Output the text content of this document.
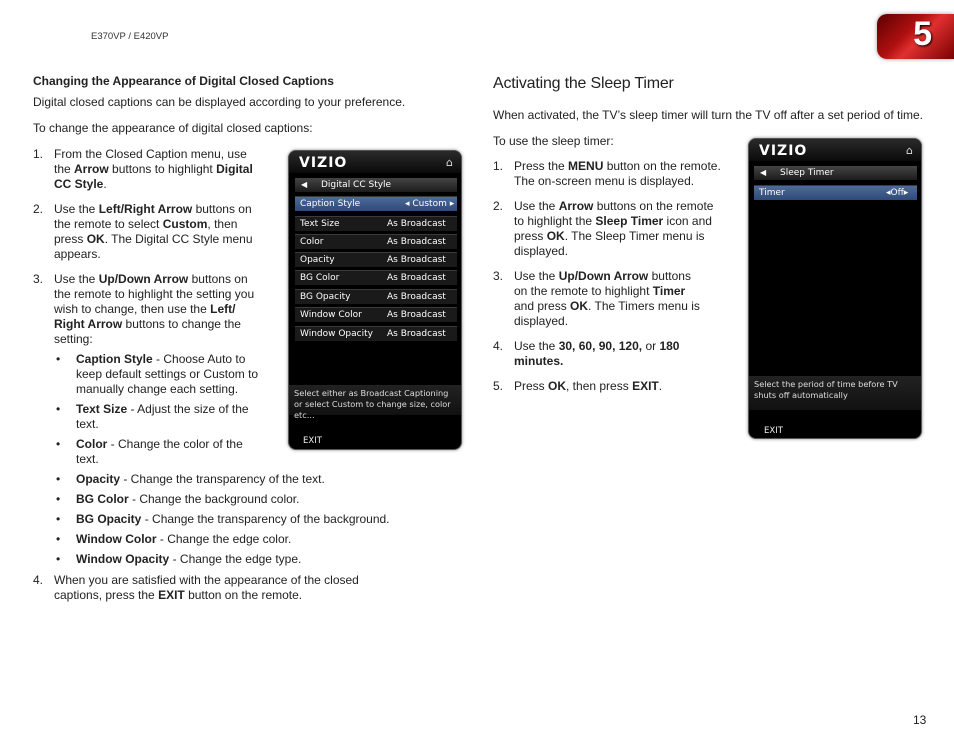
E370VP / E420VP	5
Changing the Appearance of Digital Closed Captions

Digital closed captions can be displayed according to your preference.

To change the appearance of digital closed captions:

1. From the Closed Caption menu, use the Arrow buttons to highlight Digital CC Style.
2. Use the Left/Right Arrow buttons on the remote to select Custom, then press OK. The Digital CC Style menu appears.
3. Use the Up/Down Arrow buttons on the remote to highlight the setting you wish to change, then use the Left/ Right Arrow buttons to change the setting:
• Caption Style - Choose Auto to keep default settings or Custom to manually change each setting.
• Text Size - Adjust the size of the text.
• Color - Change the color of the text.
• Opacity - Change the transparency of the text.
• BG Color - Change the background color.
• BG Opacity - Change the transparency of the background.
• Window Color - Change the edge color.
• Window Opacity - Change the edge type.
4. When you are satisfied with the appearance of the closed captions, press the EXIT button on the remote.
VIZIO	⌂
◀ Digital CC Style
Caption Style	◂ Custom ▸
Text Size	As Broadcast
Color	As Broadcast
Opacity	As Broadcast
BG Color	As Broadcast
BG Opacity	As Broadcast
Window Color	As Broadcast
Window Opacity As Broadcast
Select either as Broadcast Captioning or select Custom to change size, color etc...
EXIT
Activating the Sleep Timer

When activated, the TV’s sleep timer will turn the TV off after a set period of time.

To use the sleep timer:

1. Press the MENU button on the remote. The on-screen menu is displayed.
2. Use the Arrow buttons on the remote to highlight the Sleep Timer icon and press OK. The Sleep Timer menu is displayed.
3. Use the Up/Down Arrow buttons on the remote to highlight Timer and press OK. The Timers menu is displayed.
4. Use the 30, 60, 90, 120, or 180 minutes.
5. Press OK, then press EXIT.
VIZIO	⌂
◀ Sleep Timer
Timer	◂Off▸
Select the period of time before TV shuts off automatically
EXIT
13
